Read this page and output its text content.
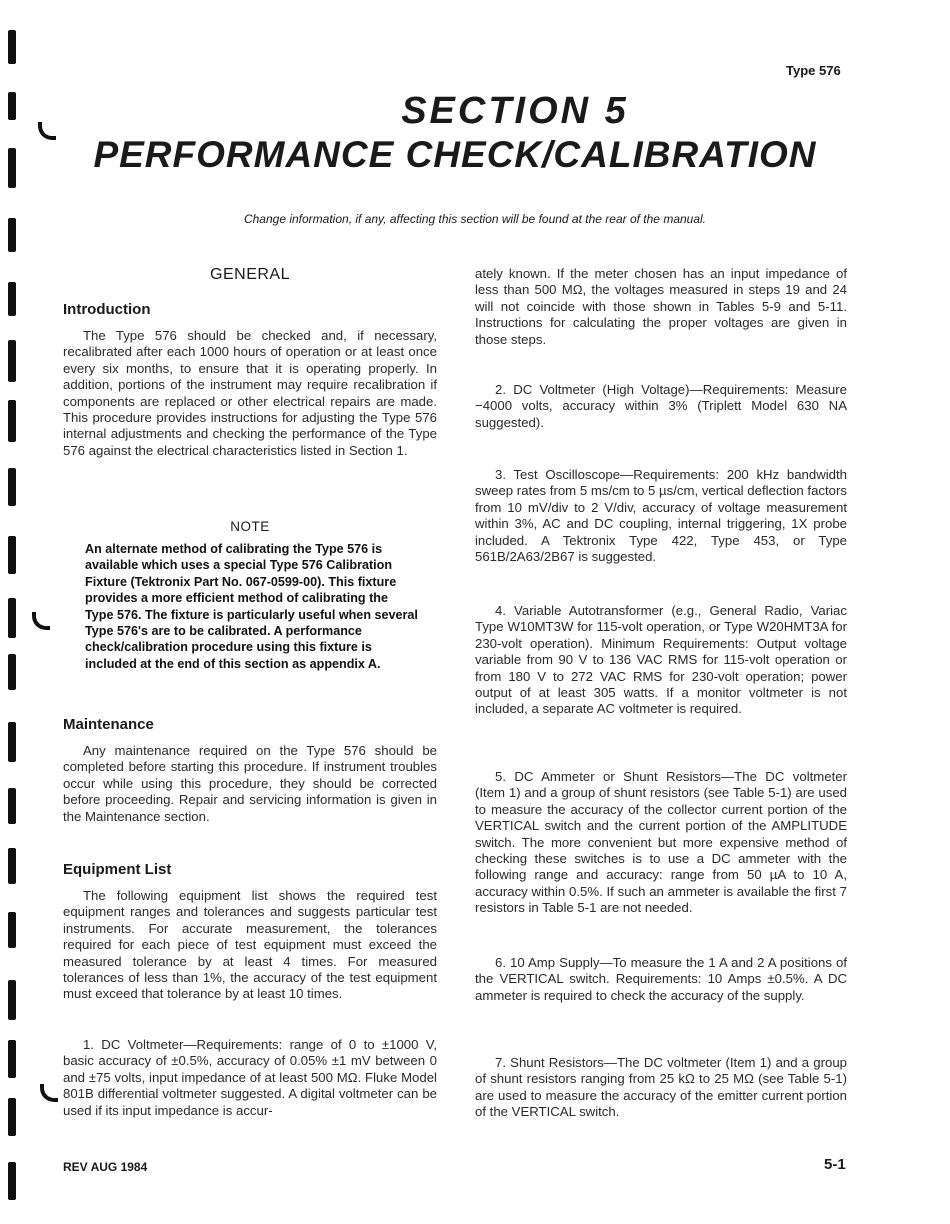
Type 576
SECTION 5
PERFORMANCE CHECK/CALIBRATION
Change information, if any, affecting this section will be found at the rear of the manual.
GENERAL
Introduction

The Type 576 should be checked and, if necessary, recalibrated after each 1000 hours of operation or at least once every six months, to ensure that it is operating properly. In addition, portions of the instrument may require recalibration if components are replaced or other electrical repairs are made. This procedure provides instructions for adjusting the Type 576 internal adjustments and checking the performance of the Type 576 against the electrical characteristics listed in Section 1.

NOTE

An alternate method of calibrating the Type 576 is available which uses a special Type 576 Calibration Fixture (Tektronix Part No. 067-0599-00). This fixture provides a more efficient method of calibrating the Type 576. The fixture is particularly useful when several Type 576's are to be calibrated. A performance check/calibration procedure using this fixture is included at the end of this section as appendix A.

Maintenance

Any maintenance required on the Type 576 should be completed before starting this procedure. If instrument troubles occur while using this procedure, they should be corrected before proceeding. Repair and servicing information is given in the Maintenance section.

Equipment List

The following equipment list shows the required test equipment ranges and tolerances and suggests particular test instruments. For accurate measurement, the tolerances required for each piece of test equipment must exceed the measured tolerance by at least 4 times. For measured tolerances of less than 1%, the accuracy of the test equipment must exceed that tolerance by at least 10 times.

1. DC Voltmeter—Requirements: range of 0 to ±1000 V, basic accuracy of ±0.5%, accuracy of 0.05% ±1 mV between 0 and ±75 volts, input impedance of at least 500 MΩ. Fluke Model 801B differential voltmeter suggested. A digital voltmeter can be used if its input impedance is accur-

ately known. If the meter chosen has an input impedance of less than 500 MΩ, the voltages measured in steps 19 and 24 will not coincide with those shown in Tables 5-9 and 5-11. Instructions for calculating the proper voltages are given in those steps.

2. DC Voltmeter (High Voltage)—Requirements: Measure −4000 volts, accuracy within 3% (Triplett Model 630 NA suggested).

3. Test Oscilloscope—Requirements: 200 kHz bandwidth sweep rates from 5 ms/cm to 5 µs/cm, vertical deflection factors from 10 mV/div to 2 V/div, accuracy of voltage measurement within 3%, AC and DC coupling, internal triggering, 1X probe included. A Tektronix Type 422, Type 453, or Type 561B/2A63/2B67 is suggested.

4. Variable Autotransformer (e.g., General Radio, Variac Type W10MT3W for 115-volt operation, or Type W20HMT3A for 230-volt operation). Minimum Requirements: Output voltage variable from 90 V to 136 VAC RMS for 115-volt operation or from 180 V to 272 VAC RMS for 230-volt operation; power output of at least 305 watts. If a monitor voltmeter is not included, a separate AC voltmeter is required.

5. DC Ammeter or Shunt Resistors—The DC voltmeter (Item 1) and a group of shunt resistors (see Table 5-1) are used to measure the accuracy of the collector current portion of the VERTICAL switch and the current portion of the AMPLITUDE switch. The more convenient but more expensive method of checking these switches is to use a DC ammeter with the following range and accuracy: range from 50 µA to 10 A, accuracy within 0.5%. If such an ammeter is available the first 7 resistors in Table 5-1 are not needed.

6. 10 Amp Supply—To measure the 1 A and 2 A positions of the VERTICAL switch. Requirements: 10 Amps ±0.5%. A DC ammeter is required to check the accuracy of the supply.

7. Shunt Resistors—The DC voltmeter (Item 1) and a group of shunt resistors ranging from 25 kΩ to 25 MΩ (see Table 5-1) are used to measure the accuracy of the emitter current portion of the VERTICAL switch.

REV AUG 1984	5-1
